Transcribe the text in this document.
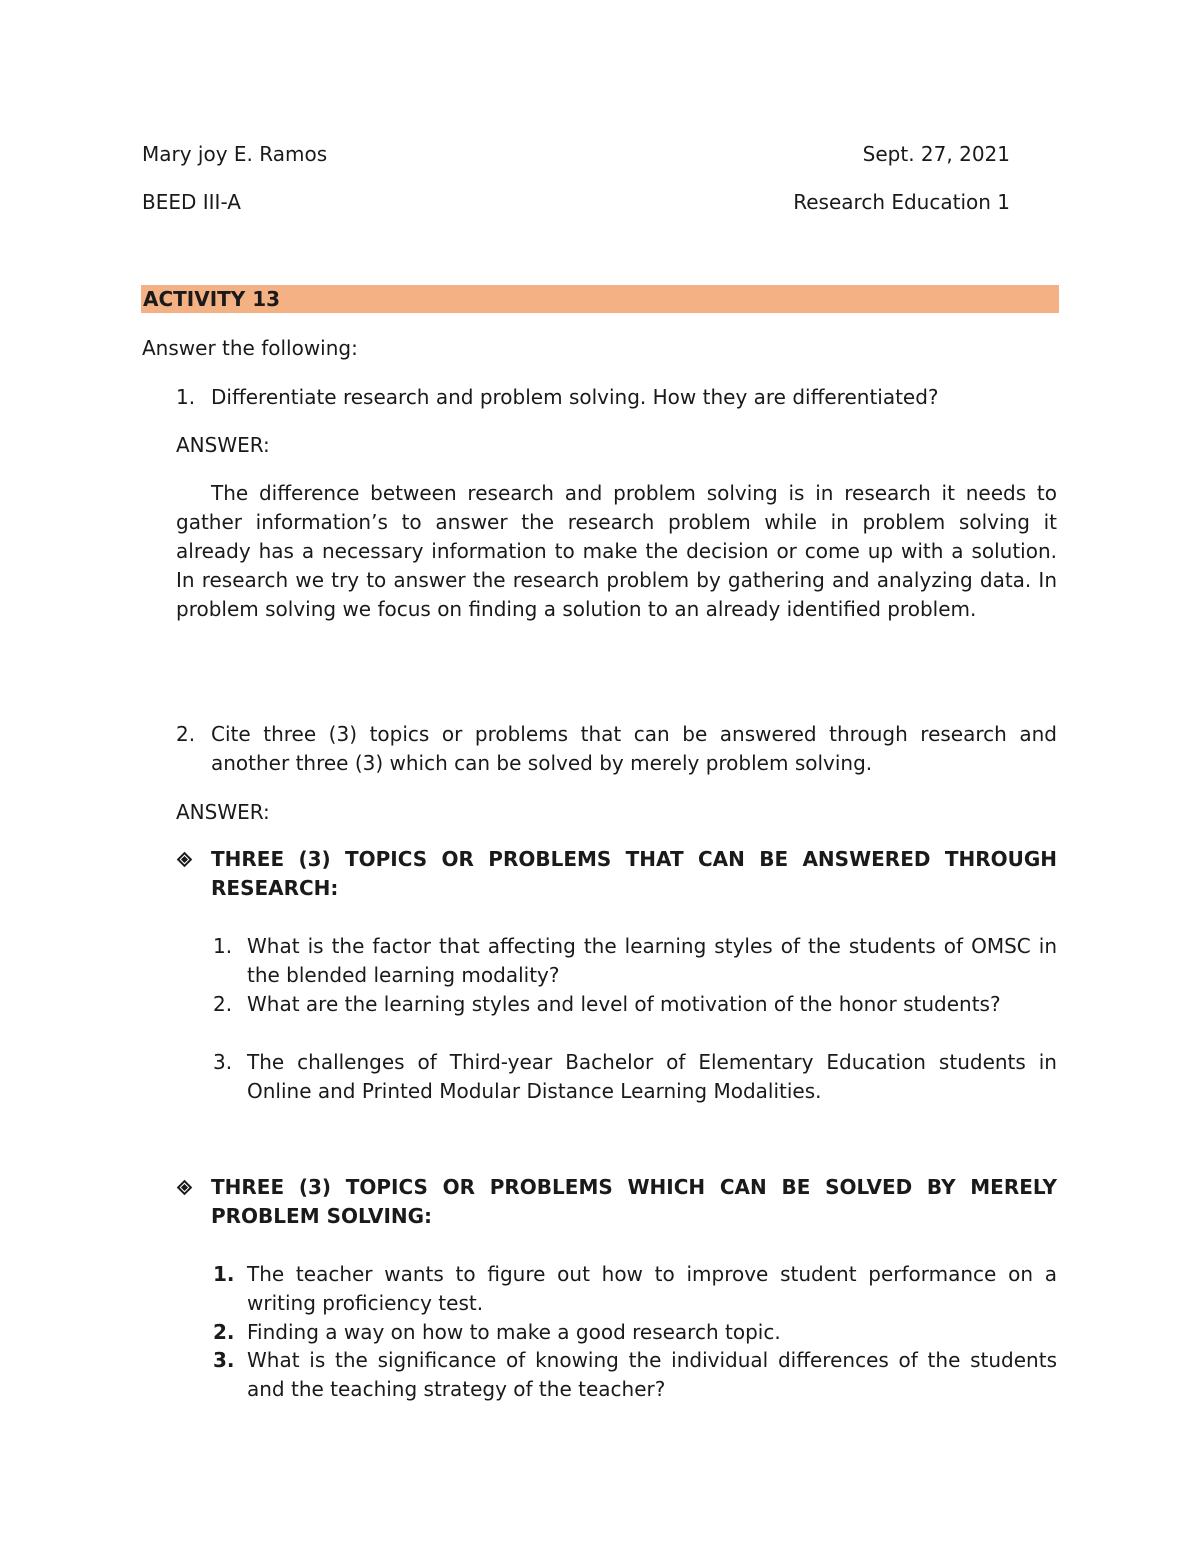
Mary joy E. Ramos	Sept. 27, 2021
BEED III-A	Research Education 1
ACTIVITY 13
Answer the following:
1. Differentiate research and problem solving. How they are differentiated?
ANSWER:
The difference between research and problem solving is in research it needs to gather information’s to answer the research problem while in problem solving it already has a necessary information to make the decision or come up with a solution. In research we try to answer the research problem by gathering and analyzing data. In problem solving we focus on finding a solution to an already identified problem.
2. Cite three (3) topics or problems that can be answered through research and another three (3) which can be solved by merely problem solving.
ANSWER:
THREE (3) TOPICS OR PROBLEMS THAT CAN BE ANSWERED THROUGH RESEARCH:
1. What is the factor that affecting the learning styles of the students of OMSC in the blended learning modality?
2. What are the learning styles and level of motivation of the honor students?
3. The challenges of Third-year Bachelor of Elementary Education students in Online and Printed Modular Distance Learning Modalities.
THREE (3) TOPICS OR PROBLEMS WHICH CAN BE SOLVED BY MERELY PROBLEM SOLVING:
1. The teacher wants to figure out how to improve student performance on a writing proficiency test.
2. Finding a way on how to make a good research topic.
3. What is the significance of knowing the individual differences of the students and the teaching strategy of the teacher?
